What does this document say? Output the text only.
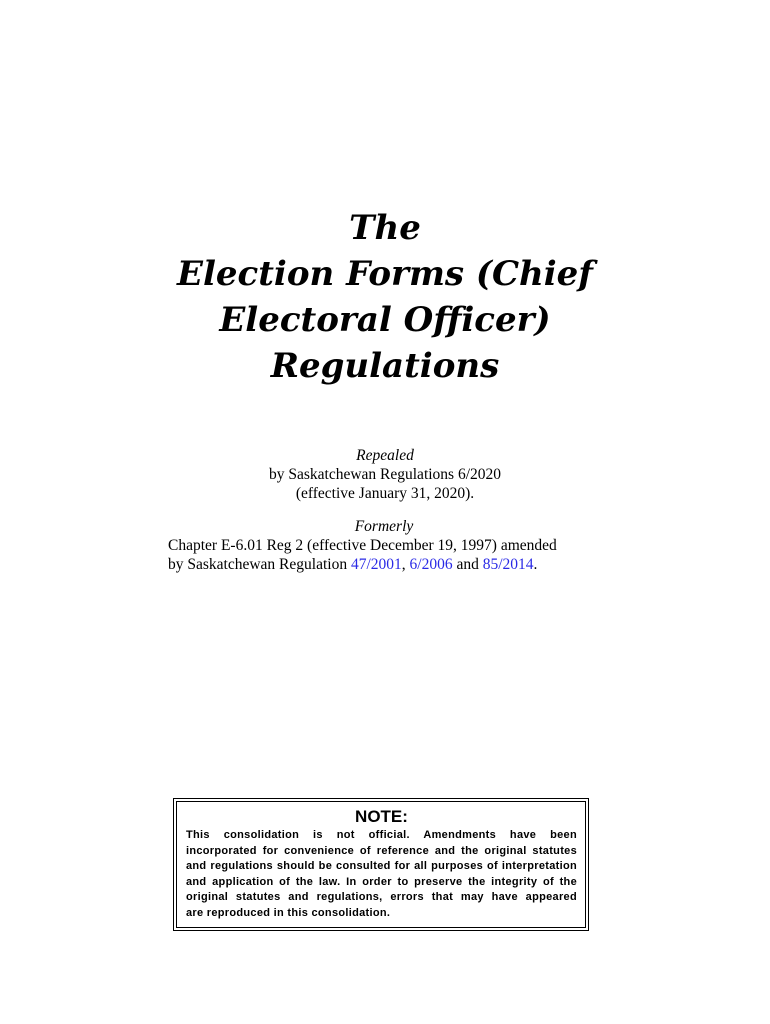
The
Election Forms (Chief
Electoral Officer)
Regulations
Repealed
by Saskatchewan Regulations 6/2020
(effective January 31, 2020).
Formerly
Chapter E-6.01 Reg 2 (effective December 19, 1997) amended
by Saskatchewan Regulation 47/2001, 6/2006 and 85/2014.
NOTE:
This consolidation is not official. Amendments have been
incorporated for convenience of reference and the original statutes
and regulations should be consulted for all purposes of interpretation
and application of the law. In order to preserve the integrity of the
original statutes and regulations, errors that may have appeared
are reproduced in this consolidation.
